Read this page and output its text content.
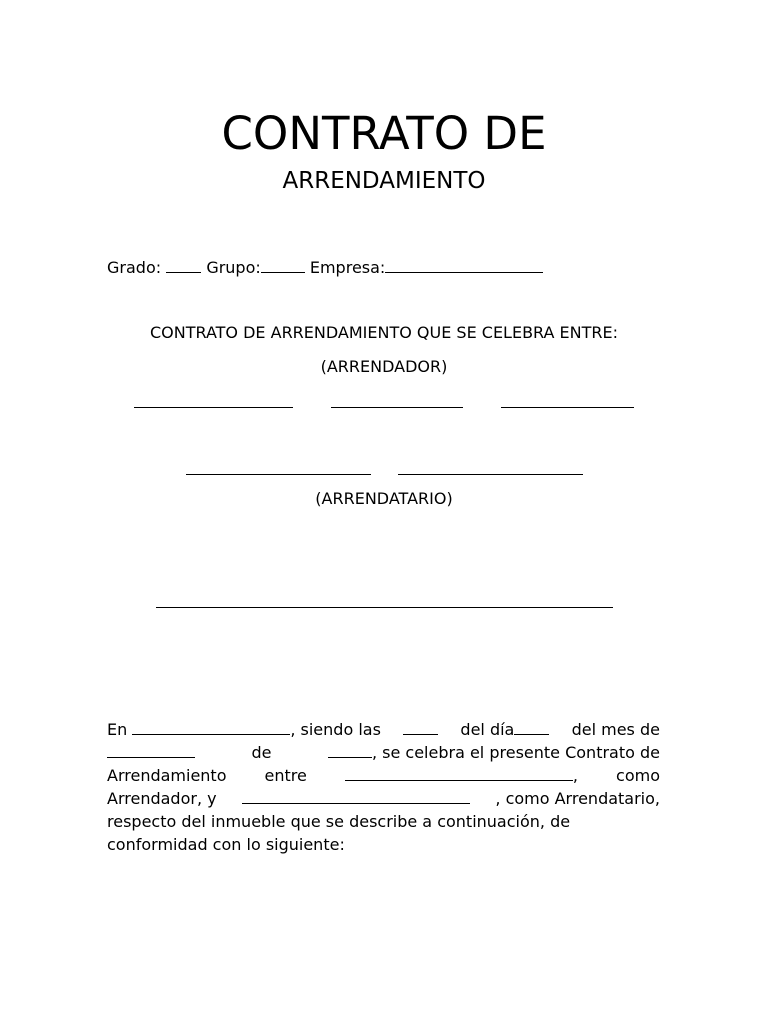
CONTRATO DE
ARRENDAMIENTO
Grado:	Grupo:	Empresa:
CONTRATO DE ARRENDAMIENTO QUE SE CELEBRA ENTRE:
(ARRENDADOR)
(ARRENDATARIO)
En	, siendo las	del día	del mes de
de	, se celebra el presente Contrato de
Arrendamiento entre	, como
Arrendador, y	, como Arrendatario,
respecto del inmueble que se describe a continuación, de
conformidad con lo siguiente:
